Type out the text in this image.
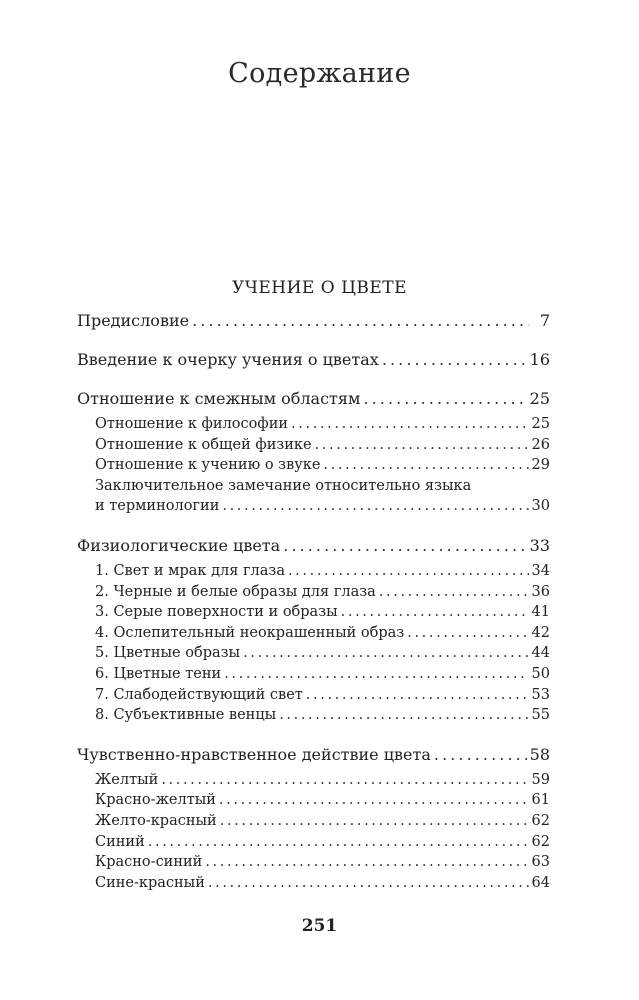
Содержание
УЧЕНИЕ О ЦВЕТЕ
Предисловие . . .	7
Введение к очерку учения о цветах . . .	16
Отношение к смежным областям . . .	25
Отношение к философии . . .	25
Отношение к общей физике . . .	26
Отношение к учению о звуке . . .	29
Заключительное замечание относительно языка
и терминологии . . .	30
Физиологические цвета . . .	33
1. Свет и мрак для глаза . . .	34
2. Черные и белые образы для глаза . . .	36
3. Серые поверхности и образы . . .	41
4. Ослепительный неокрашенный образ . . .	42
5. Цветные образы . . .	44
6. Цветные тени . . .	50
7. Слабодействующий свет . . .	53
8. Субъективные венцы . . .	55
Чувственно-нравственное действие цвета . . .	58
Желтый . . .	59
Красно-желтый . . .	61
Желто-красный . . .	62
Синий . . .	62
Красно-синий . . .	63
Сине-красный . . .	64
251
